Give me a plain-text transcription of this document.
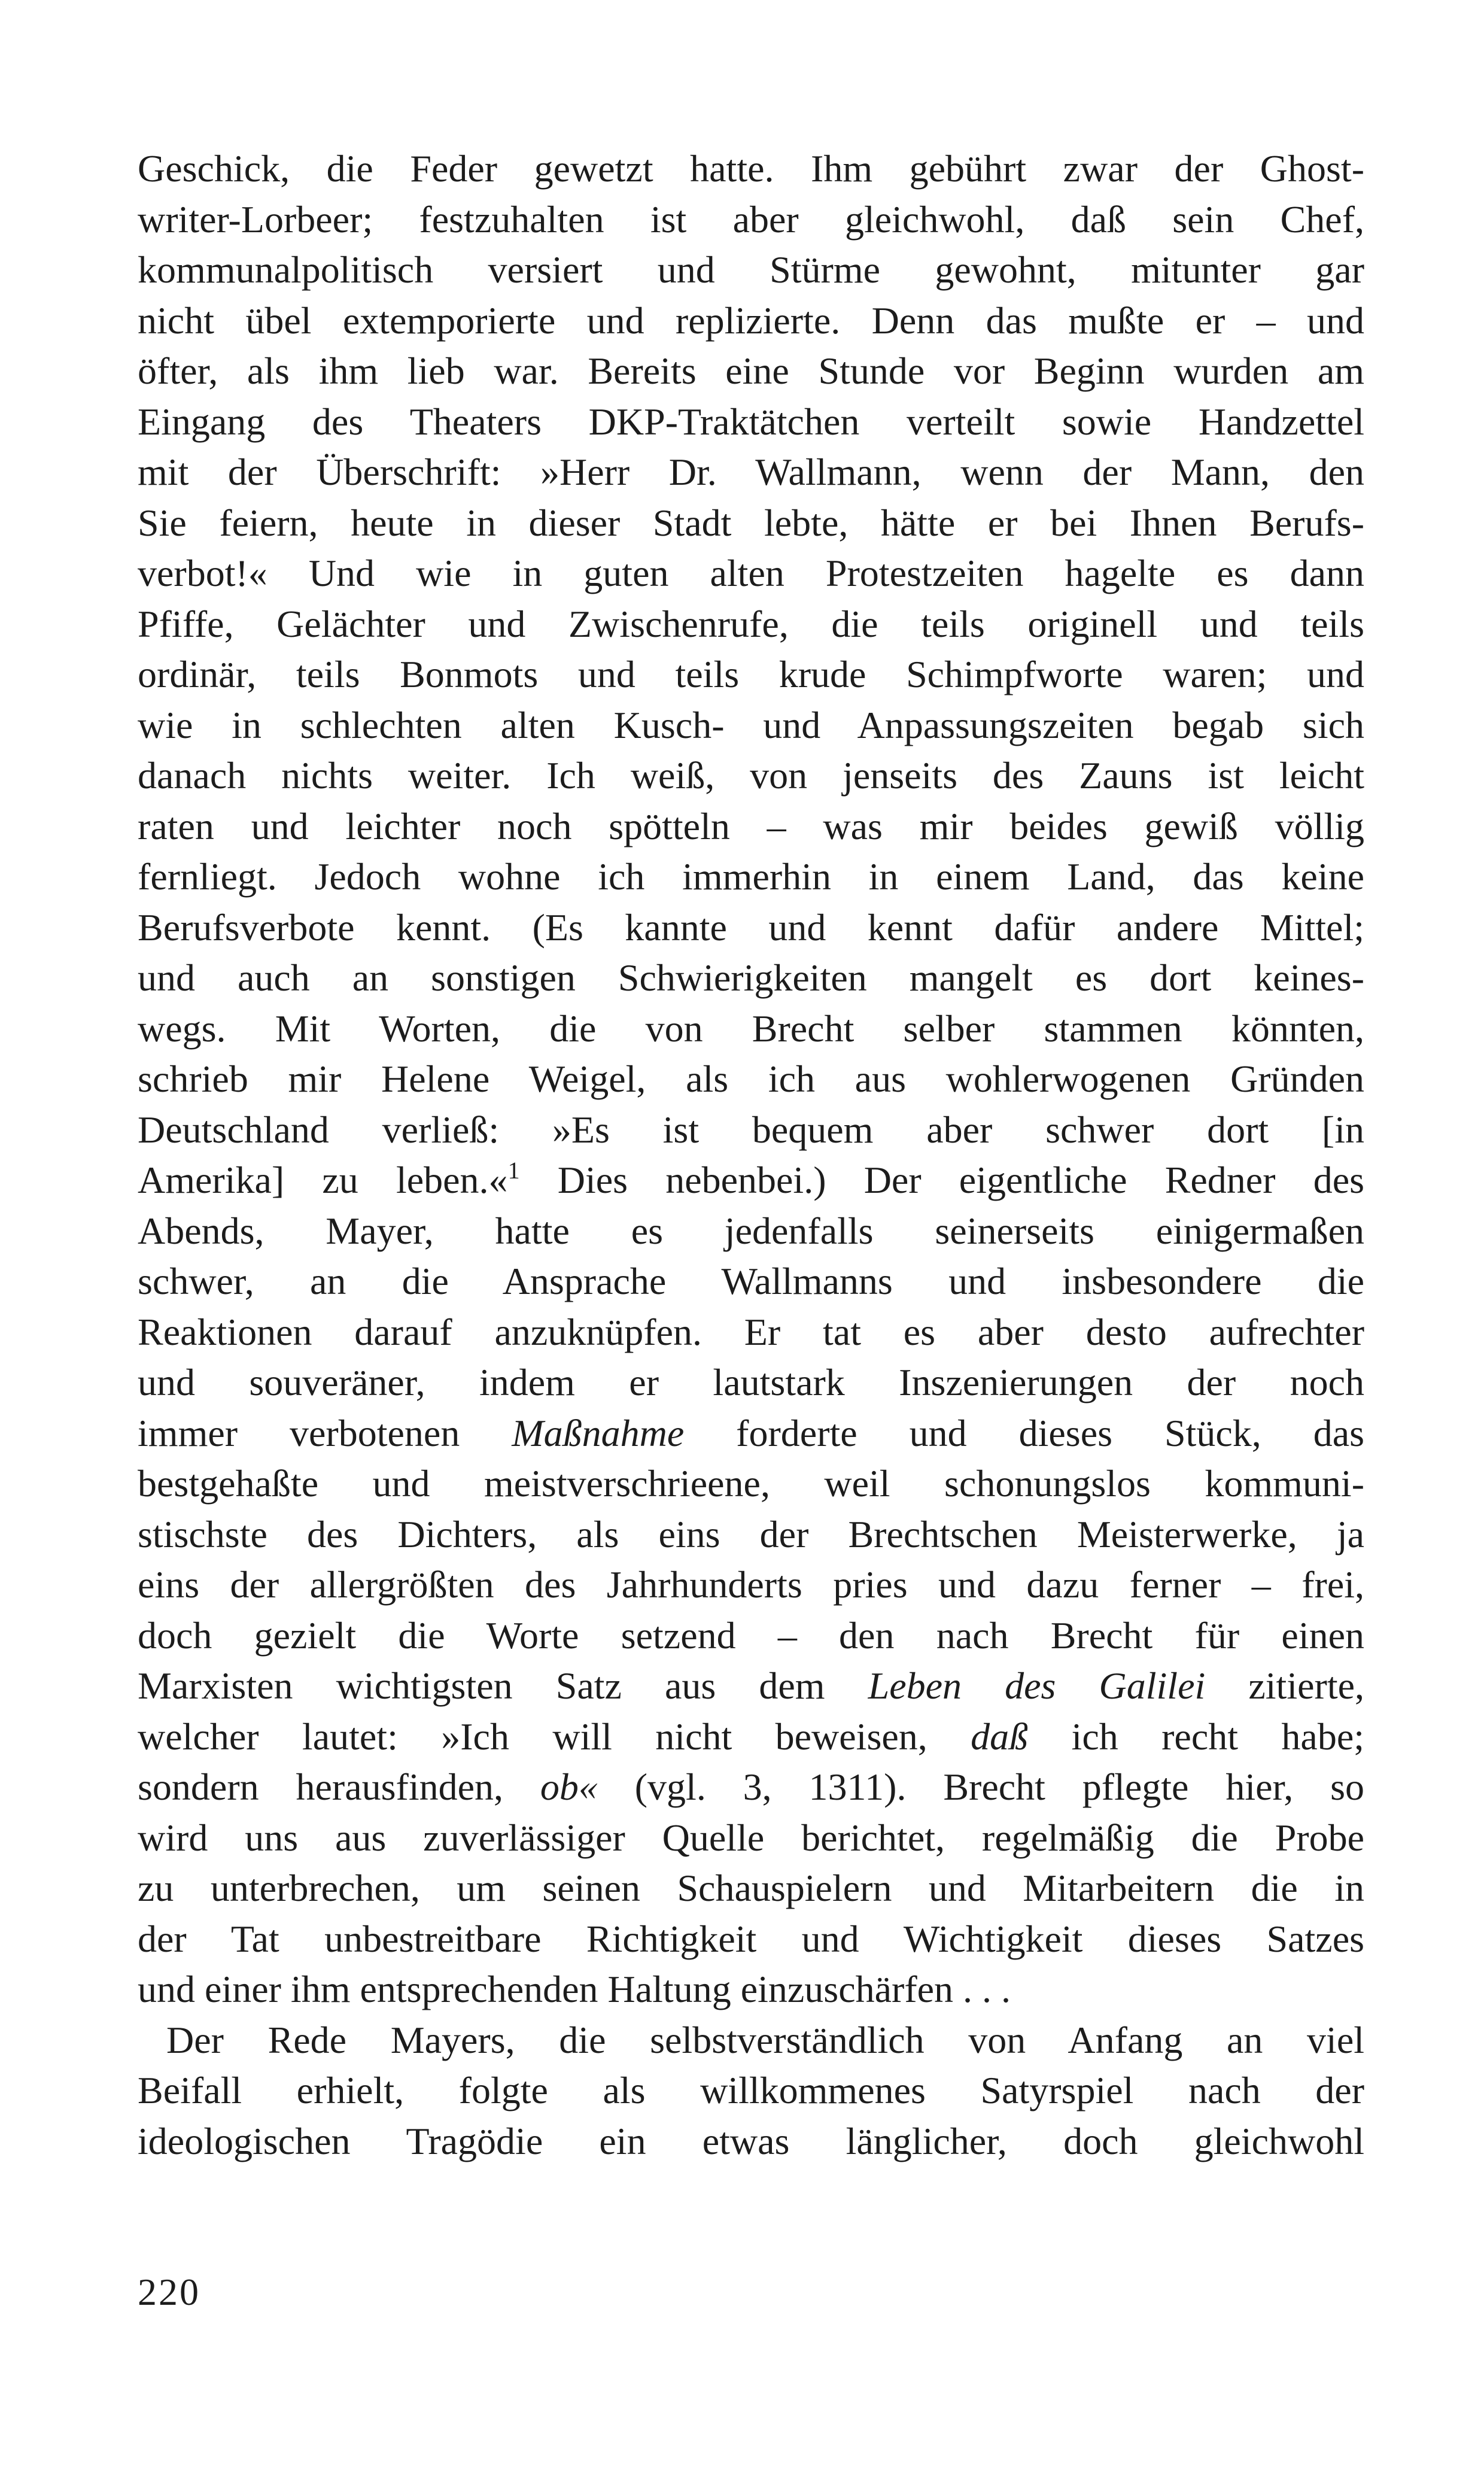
Geschick, die Feder gewetzt hatte. Ihm gebührt zwar der Ghost-
writer-Lorbeer; festzuhalten ist aber gleichwohl, daß sein Chef,
kommunalpolitisch versiert und Stürme gewohnt, mitunter gar
nicht übel extemporierte und replizierte. Denn das mußte er – und
öfter, als ihm lieb war. Bereits eine Stunde vor Beginn wurden am
Eingang des Theaters DKP-Traktätchen verteilt sowie Handzettel
mit der Überschrift: »Herr Dr. Wallmann, wenn der Mann, den
Sie feiern, heute in dieser Stadt lebte, hätte er bei Ihnen Berufs-
verbot!« Und wie in guten alten Protestzeiten hagelte es dann
Pfiffe, Gelächter und Zwischenrufe, die teils originell und teils
ordinär, teils Bonmots und teils krude Schimpfworte waren; und
wie in schlechten alten Kusch- und Anpassungszeiten begab sich
danach nichts weiter. Ich weiß, von jenseits des Zauns ist leicht
raten und leichter noch spötteln – was mir beides gewiß völlig
fernliegt. Jedoch wohne ich immerhin in einem Land, das keine
Berufsverbote kennt. (Es kannte und kennt dafür andere Mittel;
und auch an sonstigen Schwierigkeiten mangelt es dort keines-
wegs. Mit Worten, die von Brecht selber stammen könnten,
schrieb mir Helene Weigel, als ich aus wohlerwogenen Gründen
Deutschland verließ: »Es ist bequem aber schwer dort [in
Amerika] zu leben.«$^1$ Dies nebenbei.) Der eigentliche Redner des
Abends, Mayer, hatte es jedenfalls seinerseits einigermaßen
schwer, an die Ansprache Wallmanns und insbesondere die
Reaktionen darauf anzuknüpfen. Er tat es aber desto aufrechter
und souveräner, indem er lautstark Inszenierungen der noch
immer verbotenen Maßnahme forderte und dieses Stück, das
bestgehaßte und meistverschrieene, weil schonungslos kommuni-
stischste des Dichters, als eins der Brechtschen Meisterwerke, ja
eins der allergrößten des Jahrhunderts pries und dazu ferner – frei,
doch gezielt die Worte setzend – den nach Brecht für einen
Marxisten wichtigsten Satz aus dem Leben des Galilei zitierte,
welcher lautet: »Ich will nicht beweisen, daß ich recht habe;
sondern herausfinden, ob« (vgl. 3, 1311). Brecht pflegte hier, so
wird uns aus zuverlässiger Quelle berichtet, regelmäßig die Probe
zu unterbrechen, um seinen Schauspielern und Mitarbeitern die in
der Tat unbestreitbare Richtigkeit und Wichtigkeit dieses Satzes
und einer ihm entsprechenden Haltung einzuschärfen . . .
Der Rede Mayers, die selbstverständlich von Anfang an viel
Beifall erhielt, folgte als willkommenes Satyrspiel nach der
ideologischen Tragödie ein etwas länglicher, doch gleichwohl
220
